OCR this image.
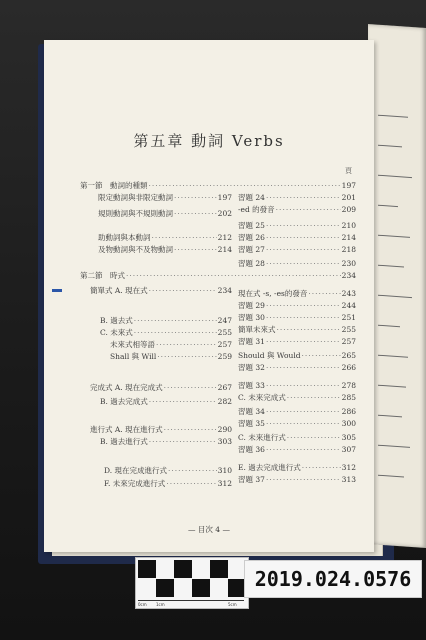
第五章 動詞 Verbs
頁
第一節　動詞的種類 ·····	197
限定動詞與非限定動詞 ·····	197
規則動詞與不規則動詞 ·····	202
助動詞與本動詞 ·····	212
及物動詞與不及物動詞 ·····	214
第二節　時式 ·····	234
簡單式 A. 現在式 ·····	234
B. 過去式 ·····	247
C. 未來式 ·····	255
未來式相等語 ·····	257
Shall 與 Will ·····	259
完成式 A. 現在完成式 ·····	267
B. 過去完成式 ·····	282
進行式 A. 現在進行式 ·····	290
B. 過去進行式 ·····	303
D. 現在完成進行式 ·····	310
F. 未來完成進行式 ·····	312
習題 24 ·····	201
-ed 的發音 ·····	209
習題 25 ·····	210
習題 26 ·····	214
習題 27 ·····	218
習題 28 ·····	230
現在式 -s, -es的發音 ·····	243
習題 29 ·····	244
習題 30 ·····	251
簡單未來式 ·····	255
習題 31 ·····	257
Should 與 Would ·····	265
習題 32 ·····	266
習題 33 ·····	278
C. 未來完成式 ·····	285
習題 34 ·····	286
習題 35 ·····	300
C. 未來進行式 ·····	305
習題 36 ·····	307
E. 過去完成進行式 ·····	312
習題 37 ·····	313
— 目次 4 —
0cm 1cm	5cm
2019.024.0576
